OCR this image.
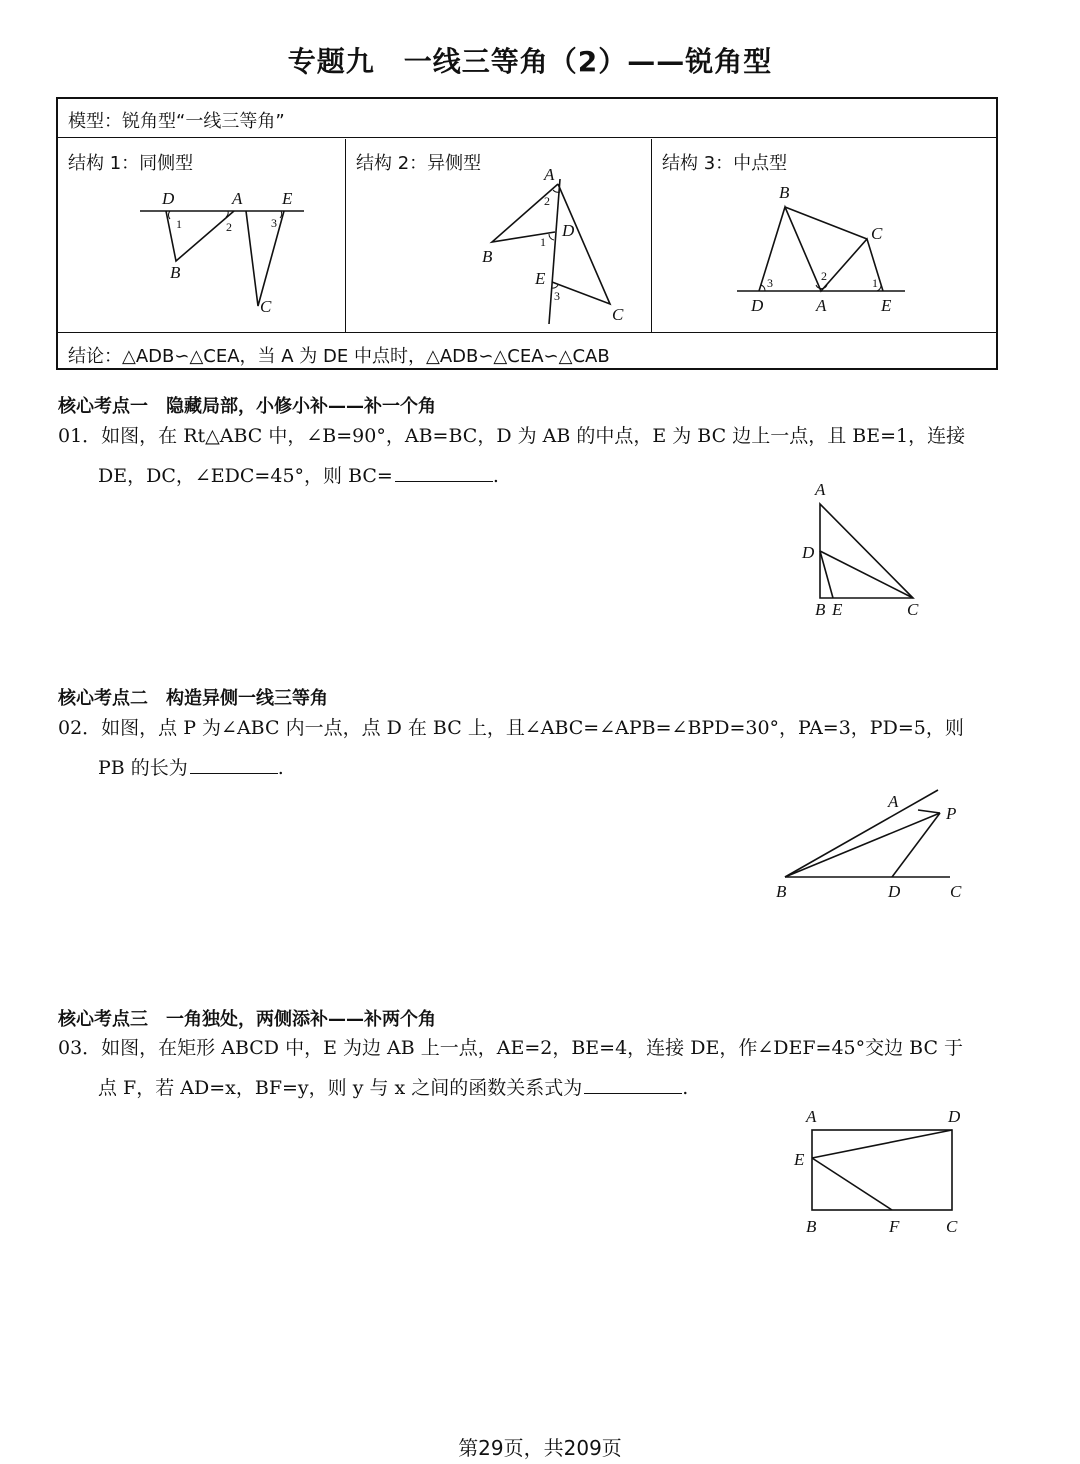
专题九　一线三等角（2）——锐角型
模型：锐角型“一线三等角”
结构 1：同侧型	结构 2：异侧型	结构 3：中点型
结论：△ADB∽△CEA，当 A 为 DE 中点时，△ADB∽△CEA∽△CAB
D	A E
B
C
1	2	3
A
D
B
E
C
2
1
3
B
C
D	A	E
3	2	1
核心考点一　隐藏局部，小修小补——补一个角
01．如图，在 Rt△ABC 中，∠B=90°，AB=BC，D 为 AB 的中点，E 为 BC 边上一点，且 BE=1，连接
DE，DC，∠EDC=45°，则 BC=	.
A
D
B E	C
核心考点二　构造异侧一线三等角
02．如图，点 P 为∠ABC 内一点，点 D 在 BC 上，且∠ABC=∠APB=∠BPD=30°，PA=3，PD=5，则
PB 的长为	.
A
P
B	D	C
核心考点三　一角独处，两侧添补——补两个角
03．如图，在矩形 ABCD 中，E 为边 AB 上一点，AE=2，BE=4，连接 DE，作∠DEF=45°交边 BC 于
点 F，若 AD=x，BF=y，则 y 与 x 之间的函数关系式为	.
A	D
E
B	F	C
第29页，共209页
